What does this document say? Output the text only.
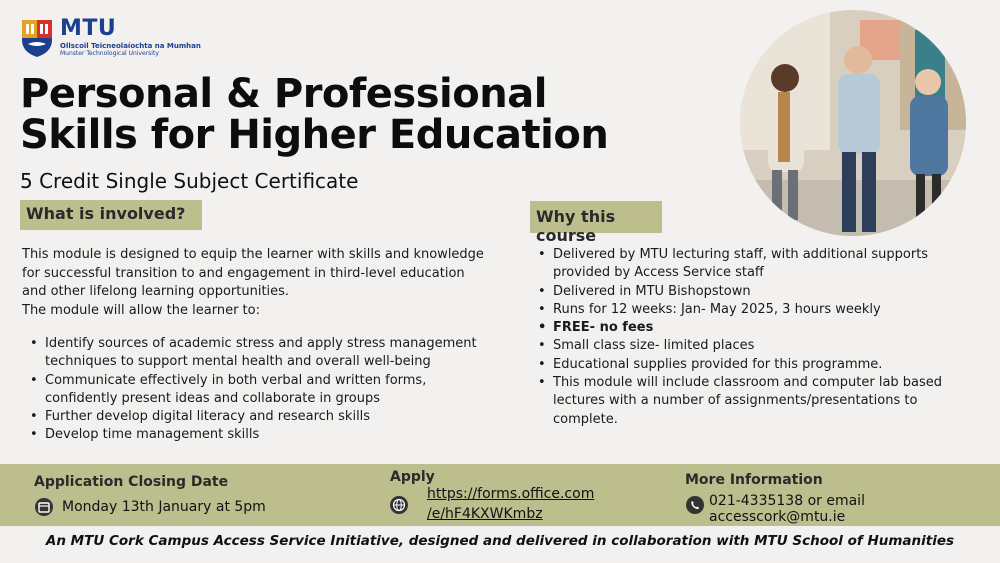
MTU
Ollscoil Teicneolaíochta na Mumhan
Munster Technological University
Personal & Professional
Skills for Higher Education
5 Credit Single Subject Certificate
What is involved?	Why this course

This module is designed to equip the learner with skills and knowledge for successful transition to and engagement in third-level education and other lifelong learning opportunities.

The module will allow the learner to:

• Identify sources of academic stress and apply stress management techniques to support mental health and overall well-being
• Communicate effectively in both verbal and written forms, confidently present ideas and collaborate in groups
• Further develop digital literacy and research skills
• Develop time management skills
• Delivered by MTU lecturing staff, with additional supports provided by Access Service staff
• Delivered in MTU Bishopstown
• Runs for 12 weeks: Jan- May 2025, 3 hours weekly
• FREE- no fees
• Small class size- limited places
• Educational supplies provided for this programme.
• This module will include classroom and computer lab based lectures with a number of assignments/presentations to complete.
Application Closing Date
Monday 13th January at 5pm
Apply
https://forms.office.com
/e/hF4KXWKmbz
More Information
021-4335138 or email accesscork@mtu.ie
An MTU Cork Campus Access Service Initiative, designed and delivered in collaboration with MTU School of Humanities
